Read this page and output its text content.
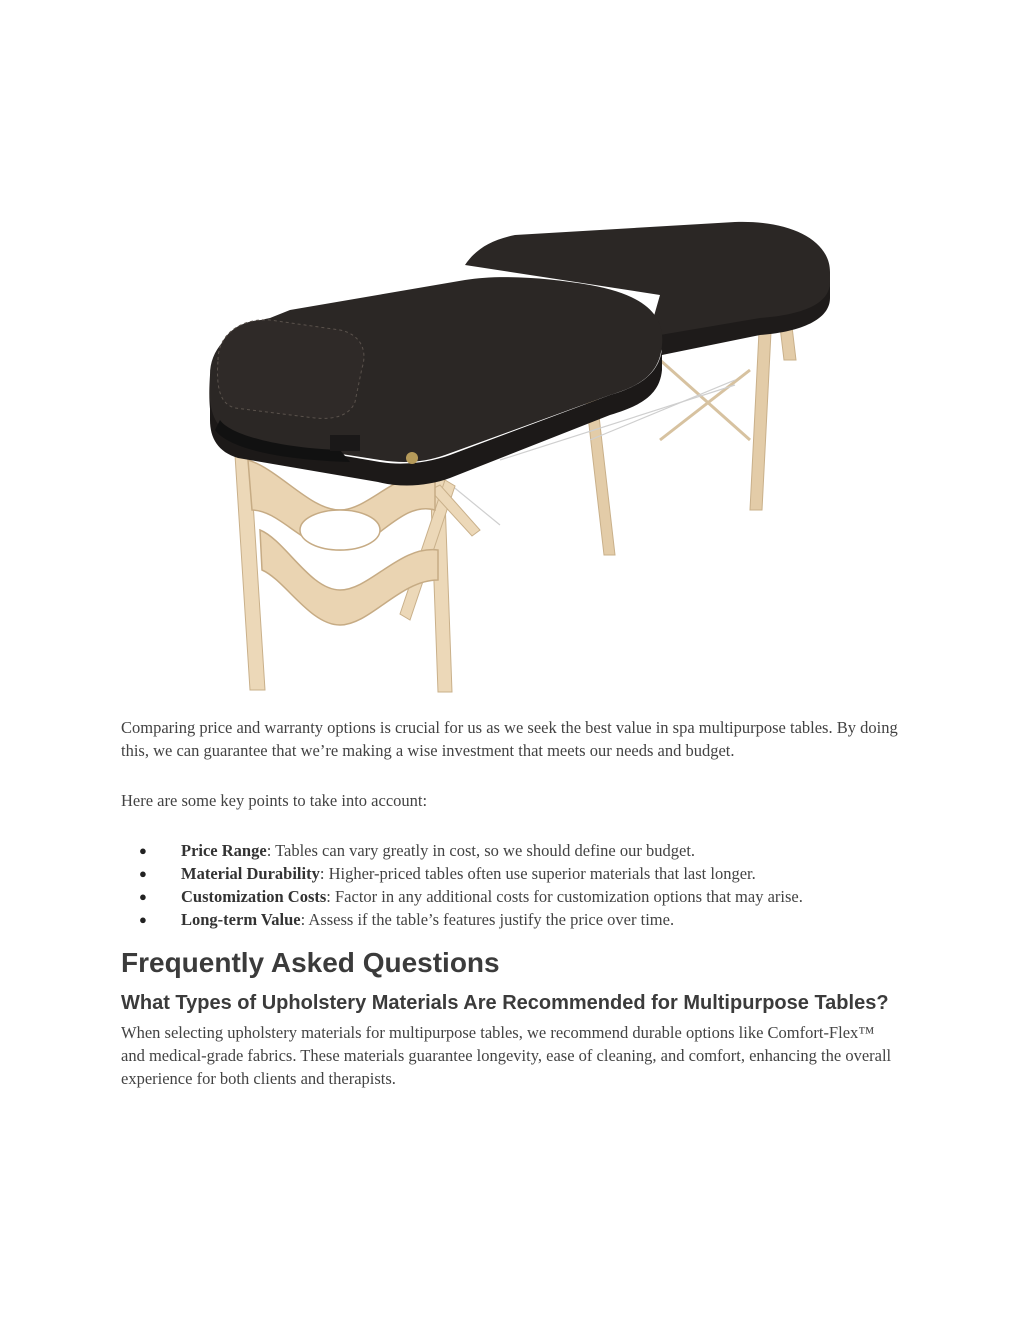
Comparing price and warranty options is crucial for us as we seek the best value in spa multipurpose tables. By doing this, we can guarantee that we’re making a wise investment that meets our needs and budget.

Here are some key points to take into account:

● Price Range: Tables can vary greatly in cost, so we should define our budget.
● Material Durability: Higher-priced tables often use superior materials that last longer.
● Customization Costs: Factor in any additional costs for customization options that may arise.
● Long-term Value: Assess if the table’s features justify the price over time.
Frequently Asked Questions
What Types of Upholstery Materials Are Recommended for Multipurpose Tables?

When selecting upholstery materials for multipurpose tables, we recommend durable options like Comfort-Flex™ and medical-grade fabrics. These materials guarantee longevity, ease of cleaning, and comfort, enhancing the overall experience for both clients and therapists.
